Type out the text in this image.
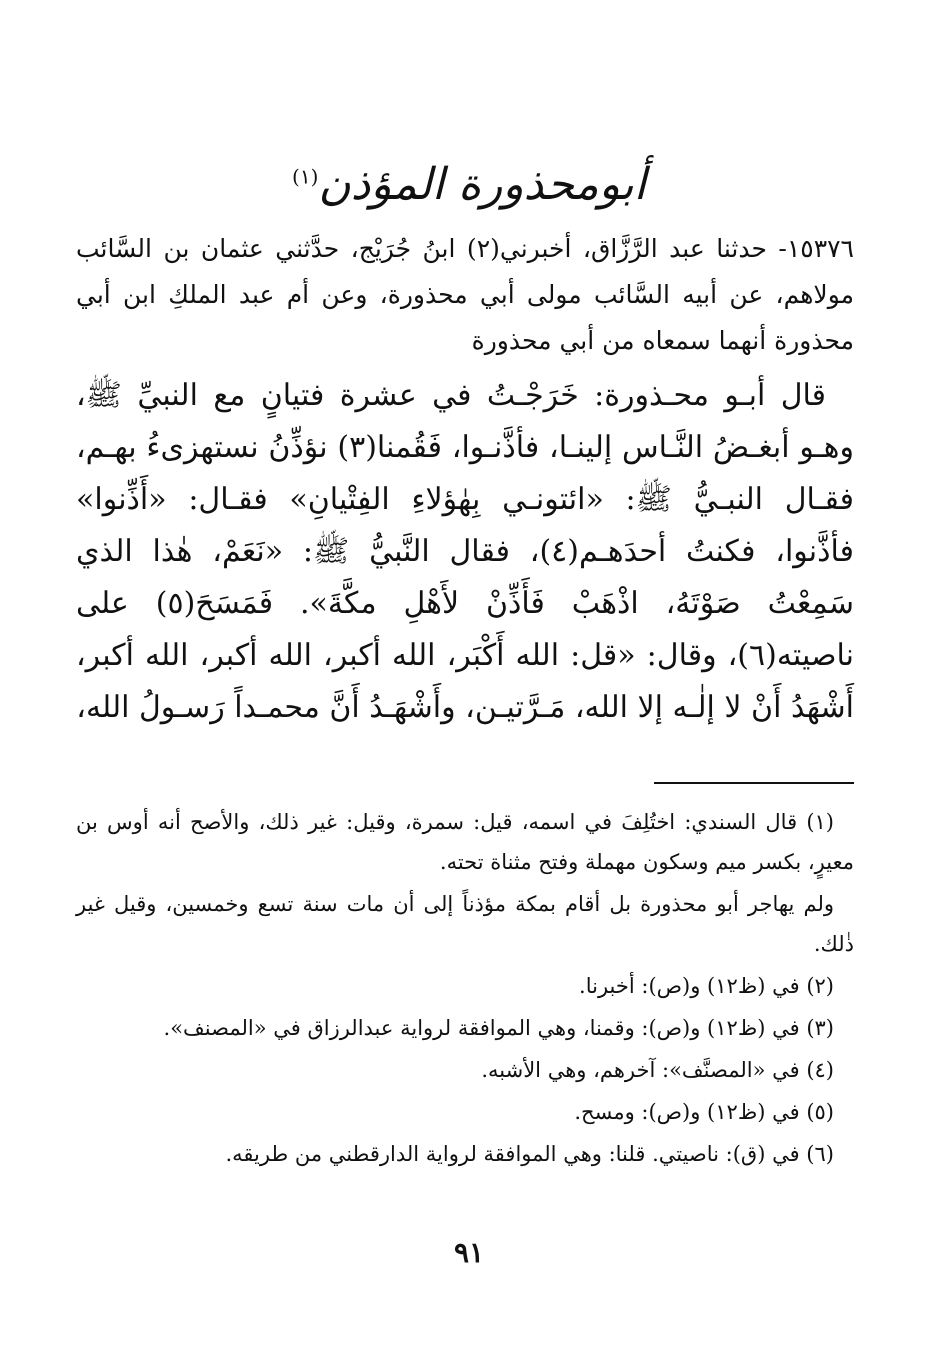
أبومحذورة المؤذن$^{(١)}$

١٥٣٧٦- حدثنا عبد الرَّزَّاق، أخبرني(٢) ابنُ جُرَيْج، حدَّثني عثمان بن السَّائب مولاهم، عن أبيه السَّائب مولى أبي محذورة، وعن أم عبد الملكِ ابن أبي محذورة أنهما سمعاه من أبي محذورة

قال أبـو محـذورة: خَرَجْـتُ في عشرة فتيانٍ مع النبيِّ ﷺ، وهـو أبغـضُ النَّـاس إلينـا، فأذَّنـوا، فَقُمنا(٣) نؤذِّنُ نستهزىءُ بهـم، فقـال النبـيُّ ﷺ: «ائتونـي بِهٰؤلاءِ الفِتْيانِ» فقـال: «أَذِّنوا» فأذَّنوا، فكنتُ أحدَهـم(٤)، فقال النَّبيُّ ﷺ: «نَعَمْ، هٰذا الذي سَمِعْتُ صَوْتَهُ، اذْهَبْ فَأَذِّنْ لأَهْلِ مكَّةَ». فَمَسَحَ(٥) على ناصيته(٦)، وقال: «قل: الله أَكْبَر، الله أكبر، الله أكبر، الله أكبر، أَشْهَدُ أَنْ لا إلٰـه إلا الله، مَـرَّتيـن، وأَشْهَـدُ أَنَّ محمـداً رَسـولُ الله،

(١) قال السندي: اختُلِفَ في اسمه، قيل: سمرة، وقيل: غير ذلك، والأصح أنه أوس بن معيرٍ، بكسر ميم وسكون مهملة وفتح مثناة تحته.

ولم يهاجر أبو محذورة بل أقام بمكة مؤذناً إلى أن مات سنة تسع وخمسين، وقيل غير ذٰلك.

(٢) في (ظ١٢) و(ص): أخبرنا.

(٣) في (ظ١٢) و(ص): وقمنا، وهي الموافقة لرواية عبدالرزاق في «المصنف».

(٤) في «المصنَّف»: آخرهم، وهي الأشبه.

(٥) في (ظ١٢) و(ص): ومسح.

(٦) في (ق): ناصيتي. قلنا: وهي الموافقة لرواية الدارقطني من طريقه.

٩١
